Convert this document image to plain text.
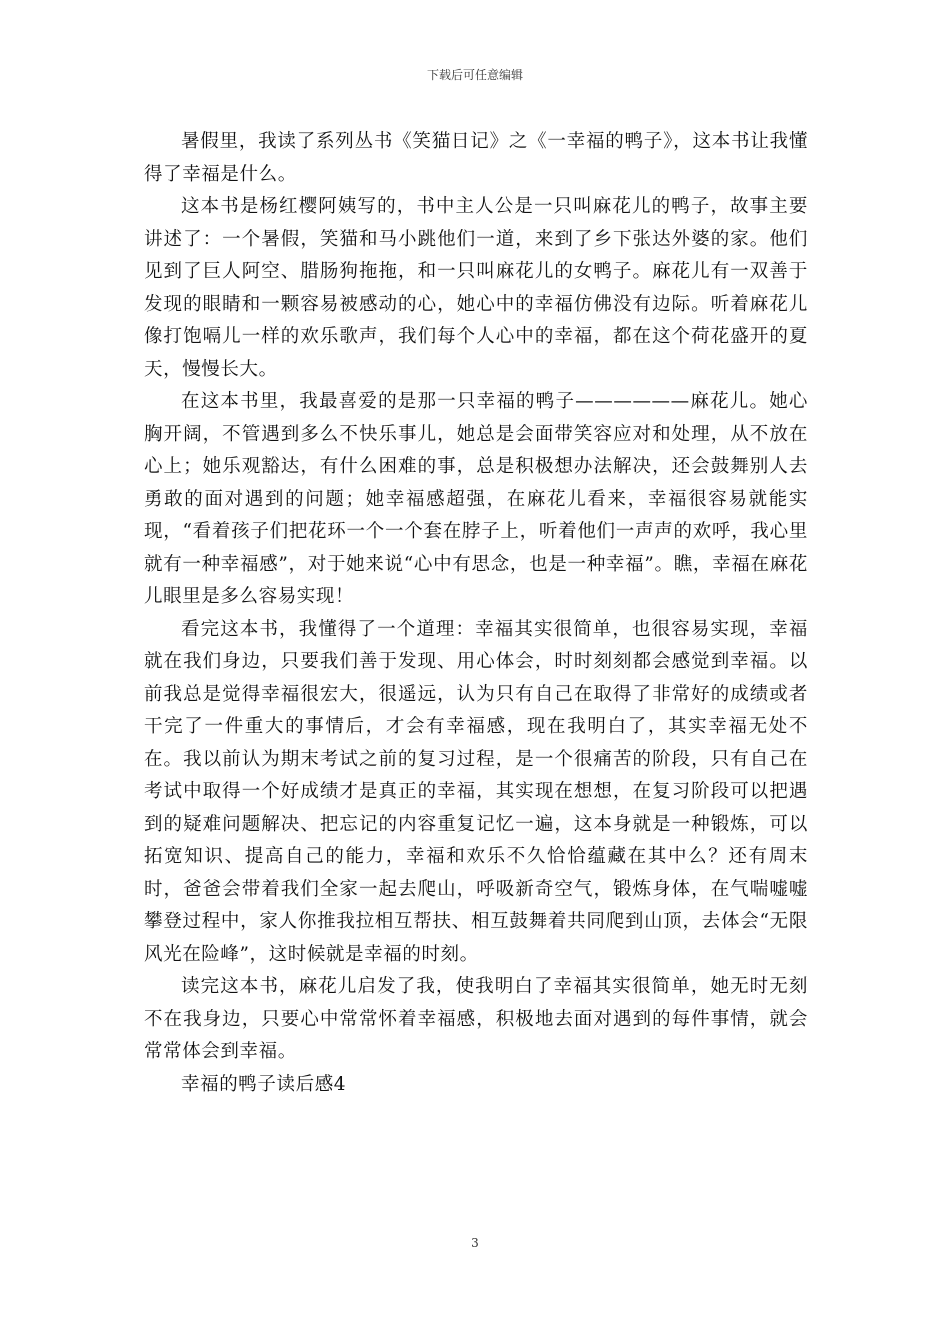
下载后可任意编辑

暑假里，我读了系列丛书《笑猫日记》之《一幸福的鸭子》，这本书让我懂得了幸福是什么。

这本书是杨红樱阿姨写的，书中主人公是一只叫麻花儿的鸭子，故事主要讲述了：一个暑假，笑猫和马小跳他们一道，来到了乡下张达外婆的家。他们见到了巨人阿空、腊肠狗拖拖，和一只叫麻花儿的女鸭子。麻花儿有一双善于发现的眼睛和一颗容易被感动的心，她心中的幸福仿佛没有边际。听着麻花儿像打饱嗝儿一样的欢乐歌声，我们每个人心中的幸福，都在这个荷花盛开的夏天，慢慢长大。

在这本书里，我最喜爱的是那一只幸福的鸭子——————麻花儿。她心胸开阔，不管遇到多么不快乐事儿，她总是会面带笑容应对和处理，从不放在心上；她乐观豁达，有什么困难的事，总是积极想办法解决，还会鼓舞别人去勇敢的面对遇到的问题；她幸福感超强，在麻花儿看来，幸福很容易就能实现，“看着孩子们把花环一个一个套在脖子上，听着他们一声声的欢呼，我心里就有一种幸福感”，对于她来说“心中有思念，也是一种幸福”。瞧，幸福在麻花儿眼里是多么容易实现！

看完这本书，我懂得了一个道理：幸福其实很简单，也很容易实现，幸福就在我们身边，只要我们善于发现、用心体会，时时刻刻都会感觉到幸福。以前我总是觉得幸福很宏大，很遥远，认为只有自己在取得了非常好的成绩或者干完了一件重大的事情后，才会有幸福感，现在我明白了，其实幸福无处不在。我以前认为期末考试之前的复习过程，是一个很痛苦的阶段，只有自己在考试中取得一个好成绩才是真正的幸福，其实现在想想，在复习阶段可以把遇到的疑难问题解决、把忘记的内容重复记忆一遍，这本身就是一种锻炼，可以拓宽知识、提高自己的能力，幸福和欢乐不久恰恰蕴藏在其中么？还有周末时，爸爸会带着我们全家一起去爬山，呼吸新奇空气，锻炼身体，在气喘嘘嘘攀登过程中，家人你推我拉相互帮扶、相互鼓舞着共同爬到山顶，去体会“无限风光在险峰”，这时候就是幸福的时刻。

读完这本书，麻花儿启发了我，使我明白了幸福其实很简单，她无时无刻不在我身边，只要心中常常怀着幸福感，积极地去面对遇到的每件事情，就会常常体会到幸福。

幸福的鸭子读后感4

3
